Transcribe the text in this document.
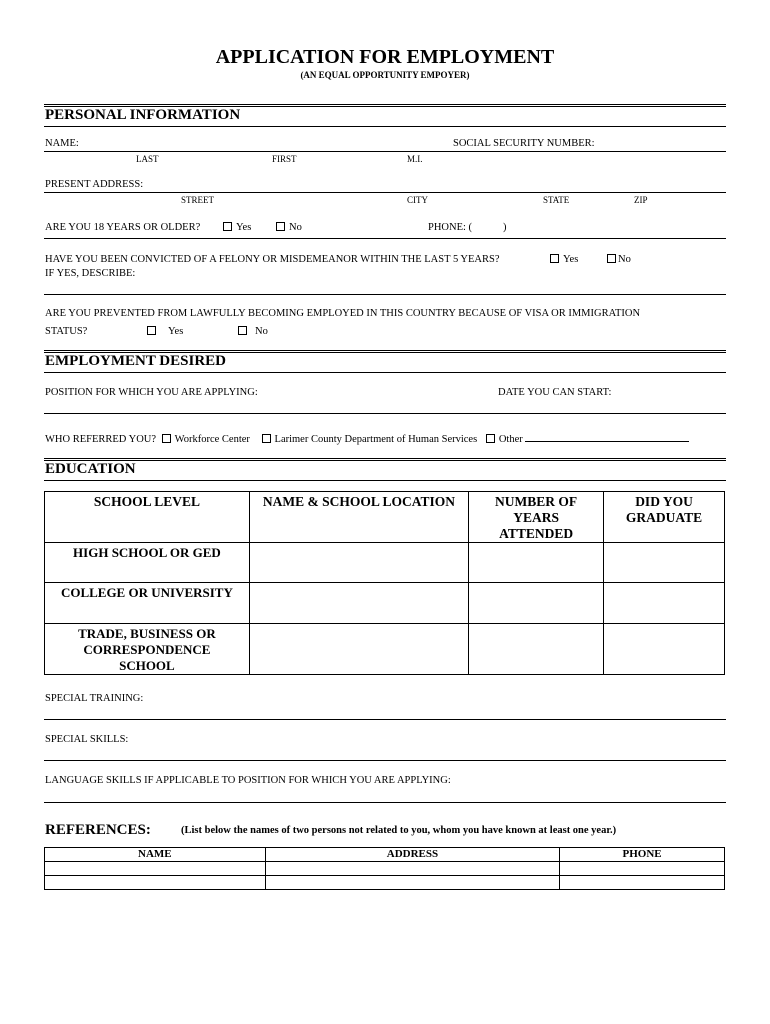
APPLICATION FOR EMPLOYMENT
(AN EQUAL OPPORTUNITY EMPOYER)
PERSONAL INFORMATION
NAME:	SOCIAL SECURITY NUMBER:
LAST	FIRST	M.I.
PRESENT ADDRESS:
STREET	CITY	STATE	ZIP
ARE YOU 18 YEARS OR OLDER?	Yes	No	PHONE: (	)
HAVE YOU BEEN CONVICTED OF A FELONY OR MISDEMEANOR WITHIN THE LAST 5 YEARS?	Yes	No
IF YES, DESCRIBE:
ARE YOU PREVENTED FROM LAWFULLY BECOMING EMPLOYED IN THIS COUNTRY BECAUSE OF VISA OR IMMIGRATION
STATUS?	Yes	No
EMPLOYMENT DESIRED
POSITION FOR WHICH YOU ARE APPLYING:	DATE YOU CAN START:
WHO REFERRED YOU? Workforce Center Larimer County Department of Human Services Other
EDUCATION
SCHOOL LEVEL	NAME & SCHOOL LOCATION	NUMBER OF YEARS ATTENDED	DID YOU GRADUATE
HIGH SCHOOL OR GED			
COLLEGE OR UNIVERSITY			
TRADE, BUSINESS OR CORRESPONDENCE SCHOOL			
SPECIAL TRAINING:
SPECIAL SKILLS:
LANGUAGE SKILLS IF APPLICABLE TO POSITION FOR WHICH YOU ARE APPLYING:
REFERENCES:	(List below the names of two persons not related to you, whom you have known at least one year.)
NAME	ADDRESS	PHONE
